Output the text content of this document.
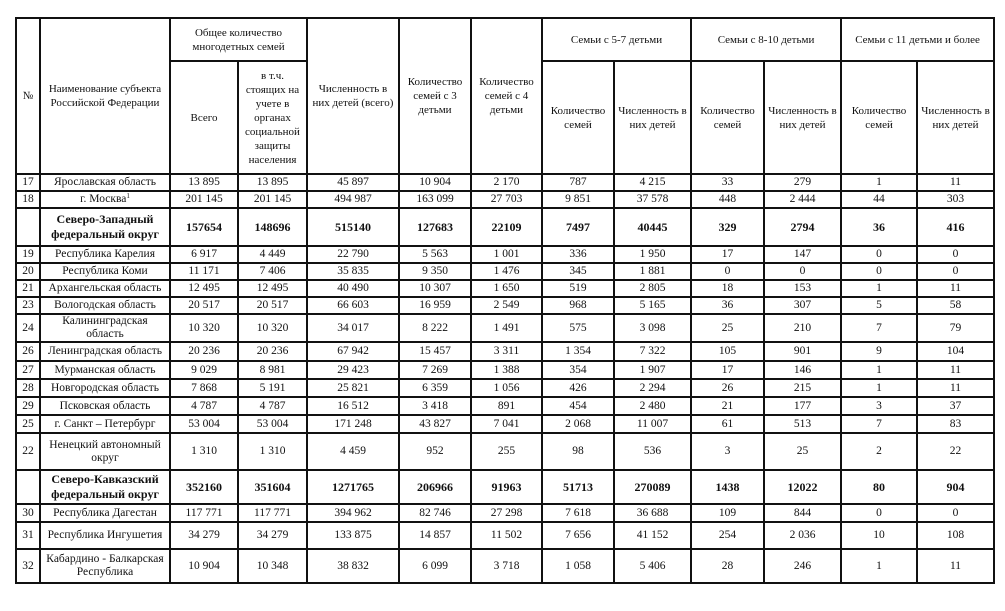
№	Наименование субъекта Российской Федерации	Общее количество многодетных семей		Численность в них детей (всего)	Количество семей с 3 детьми	Количество семей с 4 детьми	Семьи с 5-7 детьми		Семьи с 8-10 детьми		Семьи с 11 детьми и более	
		Всего	в т.ч. стоящих на учете в органах социальной защиты населения				Количество семей	Численность в них детей	Количество семей	Численность в них детей	Количество семей	Численность в них детей
17	Ярославская область	13 895	13 895	45 897	10 904	2 170	787	4 215	33	279	1	11
18	г. Москва$^1$	201 145	201 145	494 987	163 099	27 703	9 851	37 578	448	2 444	44	303
	Северо-Западный федеральный округ	157654	148696	515140	127683	22109	7497	40445	329	2794	36	416
19	Республика Карелия	6 917	4 449	22 790	5 563	1 001	336	1 950	17	147	0	0
20	Республика Коми	11 171	7 406	35 835	9 350	1 476	345	1 881	0	0	0	0
21	Архангельская область	12 495	12 495	40 490	10 307	1 650	519	2 805	18	153	1	11
23	Вологодская область	20 517	20 517	66 603	16 959	2 549	968	5 165	36	307	5	58
24	Калининградская область	10 320	10 320	34 017	8 222	1 491	575	3 098	25	210	7	79
26	Ленинградская область	20 236	20 236	67 942	15 457	3 311	1 354	7 322	105	901	9	104
27	Мурманская область	9 029	8 981	29 423	7 269	1 388	354	1 907	17	146	1	11
28	Новгородская область	7 868	5 191	25 821	6 359	1 056	426	2 294	26	215	1	11
29	Псковская область	4 787	4 787	16 512	3 418	891	454	2 480	21	177	3	37
25	г. Санкт – Петербург	53 004	53 004	171 248	43 827	7 041	2 068	11 007	61	513	7	83
22	Ненецкий автономный округ	1 310	1 310	4 459	952	255	98	536	3	25	2	22
	Северо-Кавказский федеральный округ	352160	351604	1271765	206966	91963	51713	270089	1438	12022	80	904
30	Республика Дагестан	117 771	117 771	394 962	82 746	27 298	7 618	36 688	109	844	0	0
31	Республика Ингушетия	34 279	34 279	133 875	14 857	11 502	7 656	41 152	254	2 036	10	108
32	Кабардино - Балкарская Республика	10 904	10 348	38 832	6 099	3 718	1 058	5 406	28	246	1	11
